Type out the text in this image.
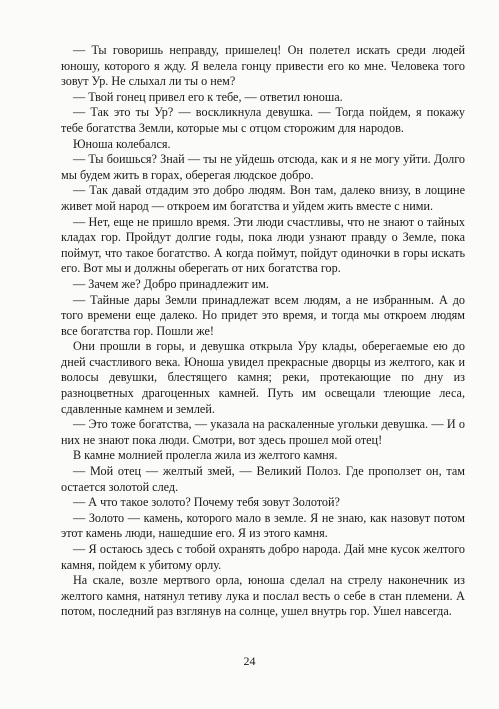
— Ты говоришь неправду, пришелец! Он полетел искать среди людей юношу, которого я жду. Я велела гонцу привести его ко мне. Человека того зовут Ур. Не слыхал ли ты о нем?

— Твой гонец привел его к тебе, — ответил юноша.

— Так это ты Ур? — воскликнула девушка. — Тогда пойдем, я покажу тебе богатства Земли, которые мы с отцом сторожим для народов.

Юноша колебался.

— Ты боишься? Знай — ты не уйдешь отсюда, как и я не могу уйти. Долго мы будем жить в горах, оберегая людское добро.

— Так давай отдадим это добро людям. Вон там, далеко внизу, в лощине живет мой народ — откроем им богатства и уйдем жить вместе с ними.

— Нет, еще не пришло время. Эти люди счастливы, что не знают о тайных кладах гор. Пройдут долгие годы, пока люди узнают правду о Земле, пока поймут, что такое богатство. А когда поймут, пойдут одиночки в горы искать его. Вот мы и должны оберегать от них богатства гор.

— Зачем же? Добро принадлежит им.

— Тайные дары Земли принадлежат всем людям, а не избранным. А до того времени еще далеко. Но придет это время, и тогда мы откроем людям все богатства гор. Пошли же!

Они прошли в горы, и девушка открыла Уру клады, оберегаемые ею до дней счастливого века. Юноша увидел прекрасные дворцы из желтого, как и волосы девушки, блестящего камня; реки, протекающие по дну из разноцветных драгоценных камней. Путь им освещали тлеющие леса, сдавленные камнем и землей.

— Это тоже богатства, — указала на раскаленные угольки девушка. — И о них не знают пока люди. Смотри, вот здесь прошел мой отец!

В камне молнией пролегла жила из желтого камня.

— Мой отец — желтый змей, — Великий Полоз. Где проползет он, там остается золотой след.

— А что такое золото? Почему тебя зовут Золотой?

— Золото — камень, которого мало в земле. Я не знаю, как назовут потом этот камень люди, нашедшие его. Я из этого камня.

— Я остаюсь здесь с тобой охранять добро народа. Дай мне кусок желтого камня, пойдем к убитому орлу.

На скале, возле мертвого орла, юноша сделал на стрелу наконечник из желтого камня, натянул тетиву лука и послал весть о себе в стан племени. А потом, последний раз взглянув на солнце, ушел внутрь гор. Ушел навсегда.

24
